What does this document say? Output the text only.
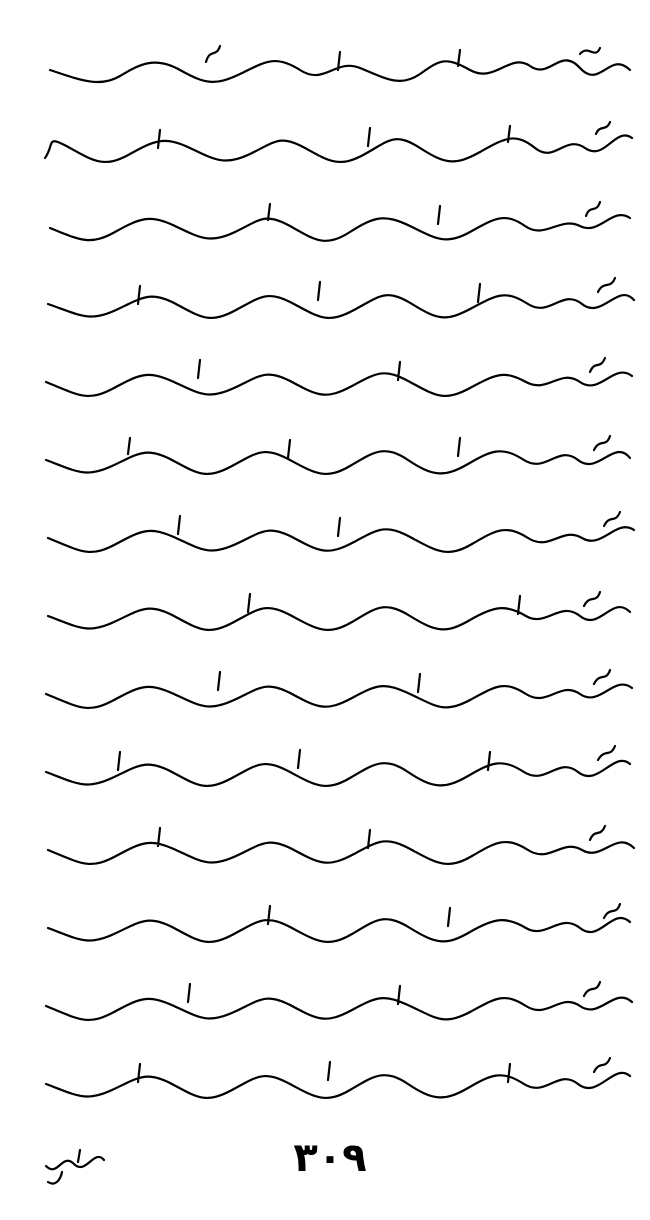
۳۰۹
